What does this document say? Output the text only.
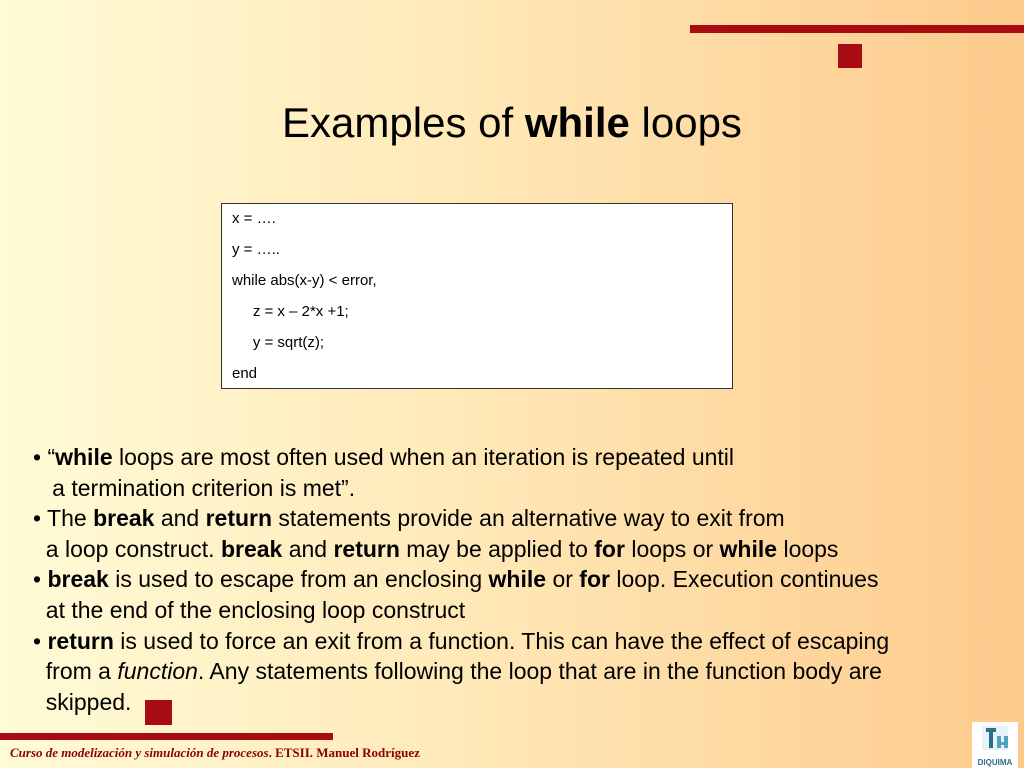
Examples of while loops
x = ….
y = …..
while abs(x-y) < error,
z = x – 2*x +1;
y = sqrt(z);
end
• “while loops are most often used when an iteration is repeated until
a termination criterion is met”.
• The break and return statements provide an alternative way to exit from
a loop construct. break and return may be applied to for loops or while loops
• break is used to escape from an enclosing while or for loop. Execution continues
at the end of the enclosing loop construct
• return is used to force an exit from a function. This can have the effect of escaping
from a function. Any statements following the loop that are in the function body are
skipped.
Curso de modelización y simulación de procesos. ETSII. Manuel Rodríguez
DIQUIMA
